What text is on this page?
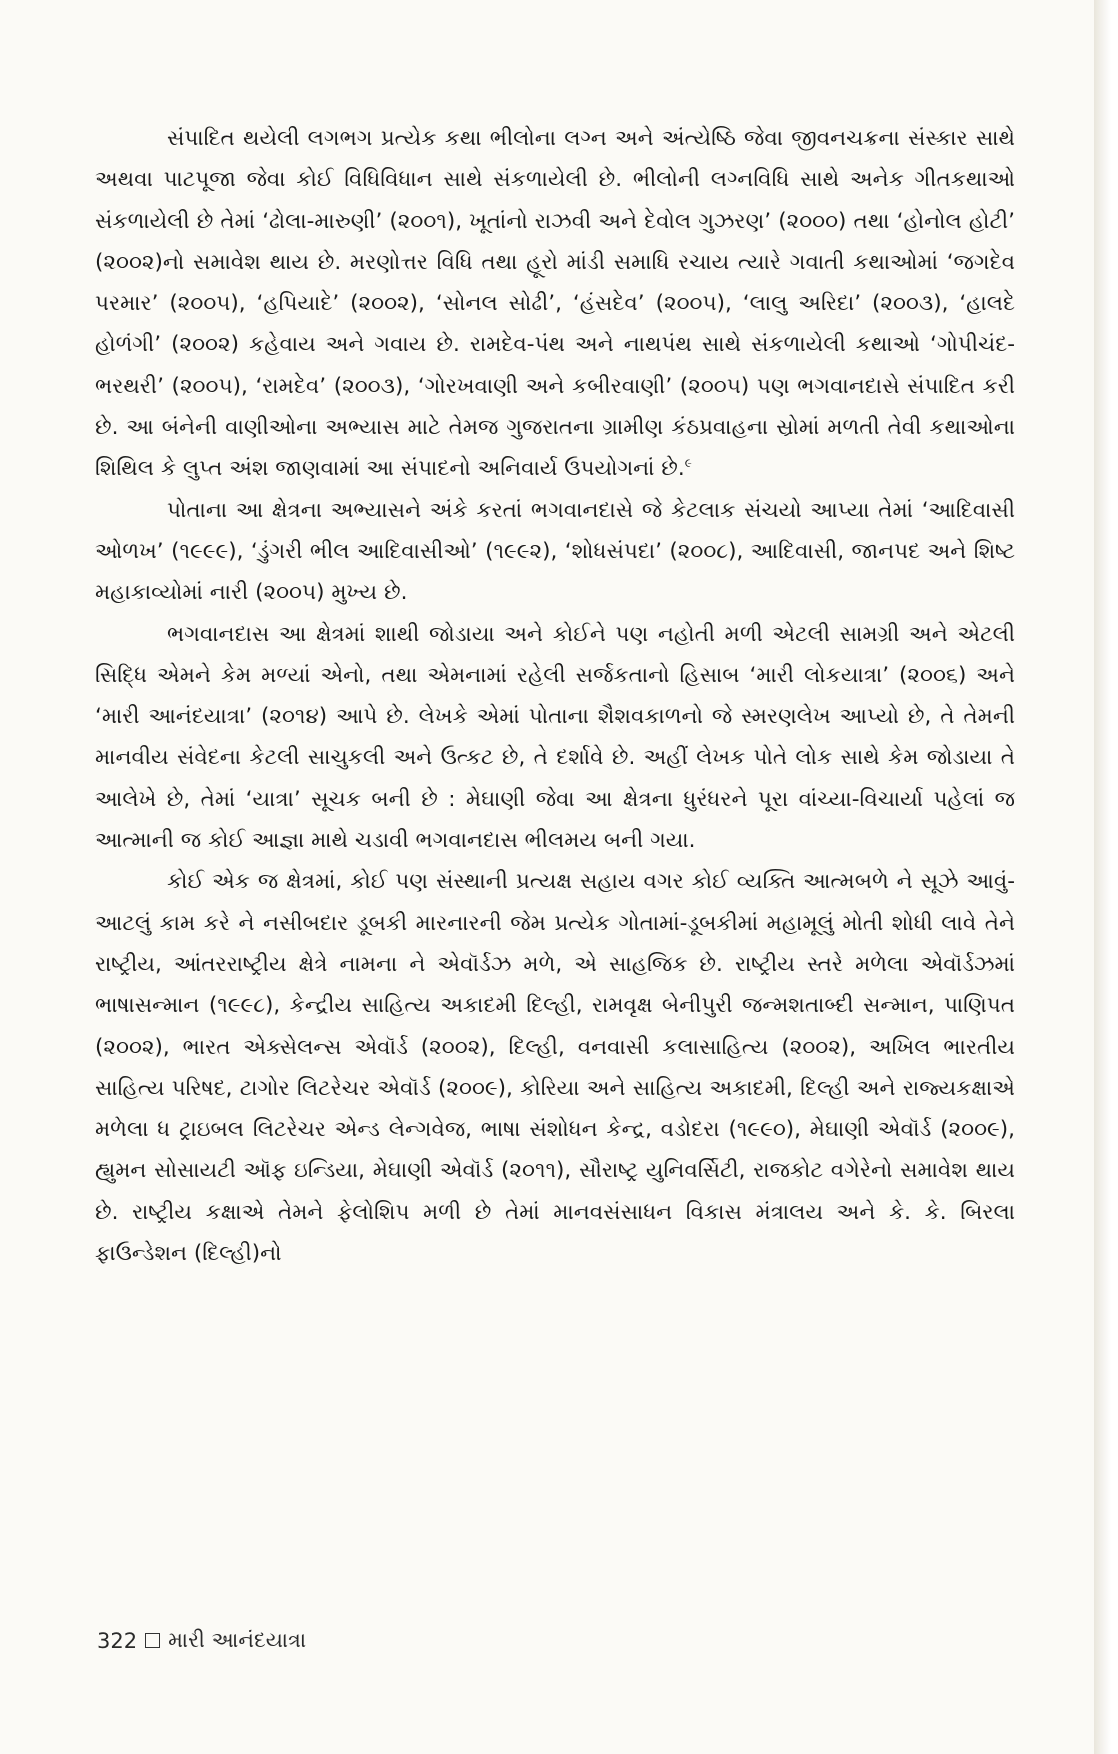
સંપાદિત થયેલી લગભગ પ્રત્યેક કથા ભીલોના લગ્ન અને અંત્યેષ્ઠિ જેવા જીવનચક્રના સંસ્કાર સાથે અથવા પાટપૂજા જેવા કોઈ વિધિવિધાન સાથે સંકળાયેલી છે. ભીલોની લગ્નવિધિ સાથે અનેક ગીતકથાઓ સંકળાયેલી છે તેમાં ‘ઢોલા-મારુણી’ (૨૦૦૧), ખૂતાંનો રાઝવી અને દેવોલ ગુઝરણ’ (૨૦૦૦) તથા ‘હોનોલ હોટી’ (૨૦૦૨)નો સમાવેશ થાય છે. મરણોત્તર વિધિ તથા હૂરો માંડી સમાધિ રચાય ત્યારે ગવાતી કથાઓમાં ‘જગદેવ પરમાર’ (૨૦૦૫), ‘હપિયાદે’ (૨૦૦૨), ‘સોનલ સોઢી’, ‘હંસદેવ’ (૨૦૦૫), ‘લાલુ અરિદા’ (૨૦૦૩), ‘હાલદે હોળંગી’ (૨૦૦૨) કહેવાય અને ગવાય છે. રામદેવ-પંથ અને નાથપંથ સાથે સંકળાયેલી કથાઓ ‘ગોપીચંદ-ભરથરી’ (૨૦૦૫), ‘રામદેવ’ (૨૦૦૩), ‘ગોરખવાણી અને કબીરવાણી’ (૨૦૦૫) પણ ભગવાનદાસે સંપાદિત કરી છે. આ બંનેની વાણીઓના અભ્યાસ માટે તેમજ ગુજરાતના ગ્રામીણ કંઠપ્રવાહના સ્રોમાં મળતી તેવી કથાઓના શિથિલ કે લુપ્ત અંશ જાણવામાં આ સંપાદનો અનિવાર્ય ઉપયોગનાં છે.$^૯$

પોતાના આ ક્ષેત્રના અભ્યાસને અંકે કરતાં ભગવાનદાસે જે કેટલાક સંચયો આપ્યા તેમાં ‘આદિવાસી ઓળખ’ (૧૯૯૯), ‘ડુંગરી ભીલ આદિવાસીઓ’ (૧૯૯૨), ‘શોધસંપદા’ (૨૦૦૮), આદિવાસી, જાનપદ અને શિષ્ટ મહાકાવ્યોમાં નારી (૨૦૦૫) મુખ્ય છે.

ભગવાનદાસ આ ક્ષેત્રમાં શાથી જોડાયા અને કોઈને પણ નહોતી મળી એટલી સામગ્રી અને એટલી સિદ્ધિ એમને કેમ મળ્યાં એનો, તથા એમનામાં રહેલી સર્જકતાનો હિસાબ ‘મારી લોકયાત્રા’ (૨૦૦૬) અને ‘મારી આનંદયાત્રા’ (૨૦૧૪) આપે છે. લેખકે એમાં પોતાના શૈશવકાળનો જે સ્મરણલેખ આપ્યો છે, તે તેમની માનવીય સંવેદના કેટલી સાચુકલી અને ઉત્કટ છે, તે દર્શાવે છે. અહીં લેખક પોતે લોક સાથે કેમ જોડાયા તે આલેખે છે, તેમાં ‘યાત્રા’ સૂચક બની છે : મેઘાણી જેવા આ ક્ષેત્રના ધુરંધરને પૂરા વાંચ્યા-વિચાર્યા પહેલાં જ આત્માની જ કોઈ આજ્ઞા માથે ચડાવી ભગવાનદાસ ભીલમય બની ગયા.

કોઈ એક જ ક્ષેત્રમાં, કોઈ પણ સંસ્થાની પ્રત્યક્ષ સહાય વગર કોઈ વ્યક્તિ આત્મબળે ને સૂઝે આવું-આટલું કામ કરે ને નસીબદાર ડૂબકી મારનારની જેમ પ્રત્યેક ગોતામાં-ડૂબકીમાં મહામૂલું મોતી શોધી લાવે તેને રાષ્ટ્રીય, આંતરરાષ્ટ્રીય ક્ષેત્રે નામના ને એવૉર્ડઝ મળે, એ સાહજિક છે. રાષ્ટ્રીય સ્તરે મળેલા એવૉર્ડઝમાં ભાષાસન્માન (૧૯૯૮), કેન્દ્રીય સાહિત્ય અકાદમી દિલ્હી, રામવૃક્ષ બેનીપુરી જન્મશતાબ્દી સન્માન, પાણિપત (૨૦૦૨), ભારત એક્સેલન્સ એવૉર્ડ (૨૦૦૨), દિલ્હી, વનવાસી કલાસાહિત્ય (૨૦૦૨), અખિલ ભારતીય સાહિત્ય પરિષદ, ટાગોર લિટરેચર એવૉર્ડ (૨૦૦૯), કોરિયા અને સાહિત્ય અકાદમી, દિલ્હી અને રાજ્યકક્ષાએ મળેલા ધ ટ્રાઇબલ લિટરેચર એન્ડ લેન્ગવેજ, ભાષા સંશોધન કેન્દ્ર, વડોદરા (૧૯૯૦), મેઘાણી એવૉર્ડ (૨૦૦૯), હ્યુમન સોસાયટી ઑફ ઇન્ડિયા, મેઘાણી એવૉર્ડ (૨૦૧૧), સૌરાષ્ટ્ર યુનિવર્સિટી, રાજકોટ વગેરેનો સમાવેશ થાય છે. રાષ્ટ્રીય કક્ષાએ તેમને ફેલોશિપ મળી છે તેમાં માનવસંસાધન વિકાસ મંત્રાલય અને કે. કે. બિરલા ફાઉન્ડેશન (દિલ્હી)નો

322 મારી આનંદયાત્રા
